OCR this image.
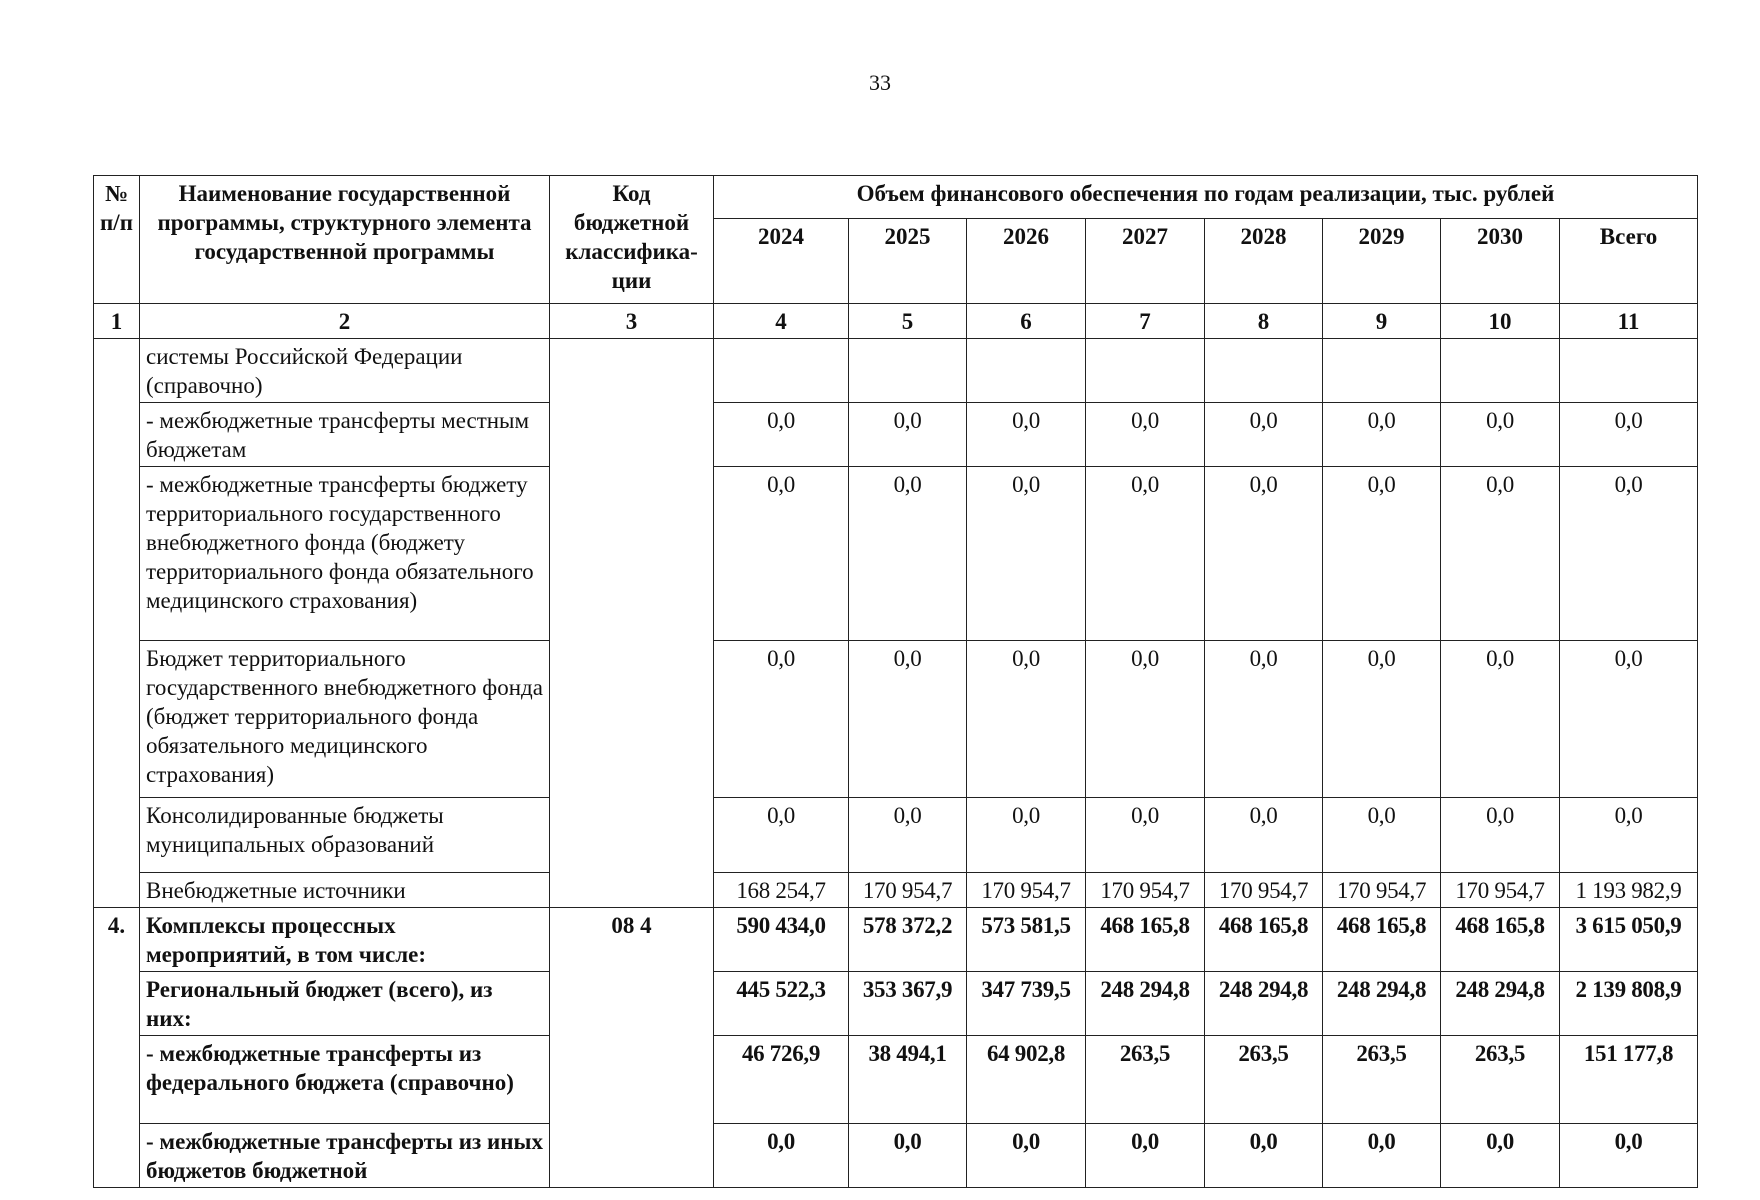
33
№ п/п	Наименование государственной программы, структурного элемента государственной программы	Код бюджетной классифика-ции	Объем финансового обеспечения по годам реализации, тыс. рублей							
			2024	2025	2026	2027	2028	2029	2030	Всего
1	2	3	4	5	6	7	8	9	10	11
	системы Российской Федерации (справочно)									
	- межбюджетные трансферты местным бюджетам		0,0	0,0	0,0	0,0	0,0	0,0	0,0	0,0
	- межбюджетные трансферты бюджету территориального государственного внебюджетного фонда (бюджету территориального фонда обязательного медицинского страхования)		0,0	0,0	0,0	0,0	0,0	0,0	0,0	0,0
	Бюджет территориального государственного внебюджетного фонда (бюджет территориального фонда обязательного медицинского страхования)		0,0	0,0	0,0	0,0	0,0	0,0	0,0	0,0
	Консолидированные бюджеты муниципальных образований		0,0	0,0	0,0	0,0	0,0	0,0	0,0	0,0
	Внебюджетные источники		168 254,7	170 954,7	170 954,7	170 954,7	170 954,7	170 954,7	170 954,7	1 193 982,9
4.	Комплексы процессных мероприятий, в том числе:	08 4	590 434,0	578 372,2	573 581,5	468 165,8	468 165,8	468 165,8	468 165,8	3 615 050,9
	Региональный бюджет (всего), из них:		445 522,3	353 367,9	347 739,5	248 294,8	248 294,8	248 294,8	248 294,8	2 139 808,9
	- межбюджетные трансферты из федерального бюджета (справочно)		46 726,9	38 494,1	64 902,8	263,5	263,5	263,5	263,5	151 177,8
	- межбюджетные трансферты из иных бюджетов бюджетной		0,0	0,0	0,0	0,0	0,0	0,0	0,0	0,0
